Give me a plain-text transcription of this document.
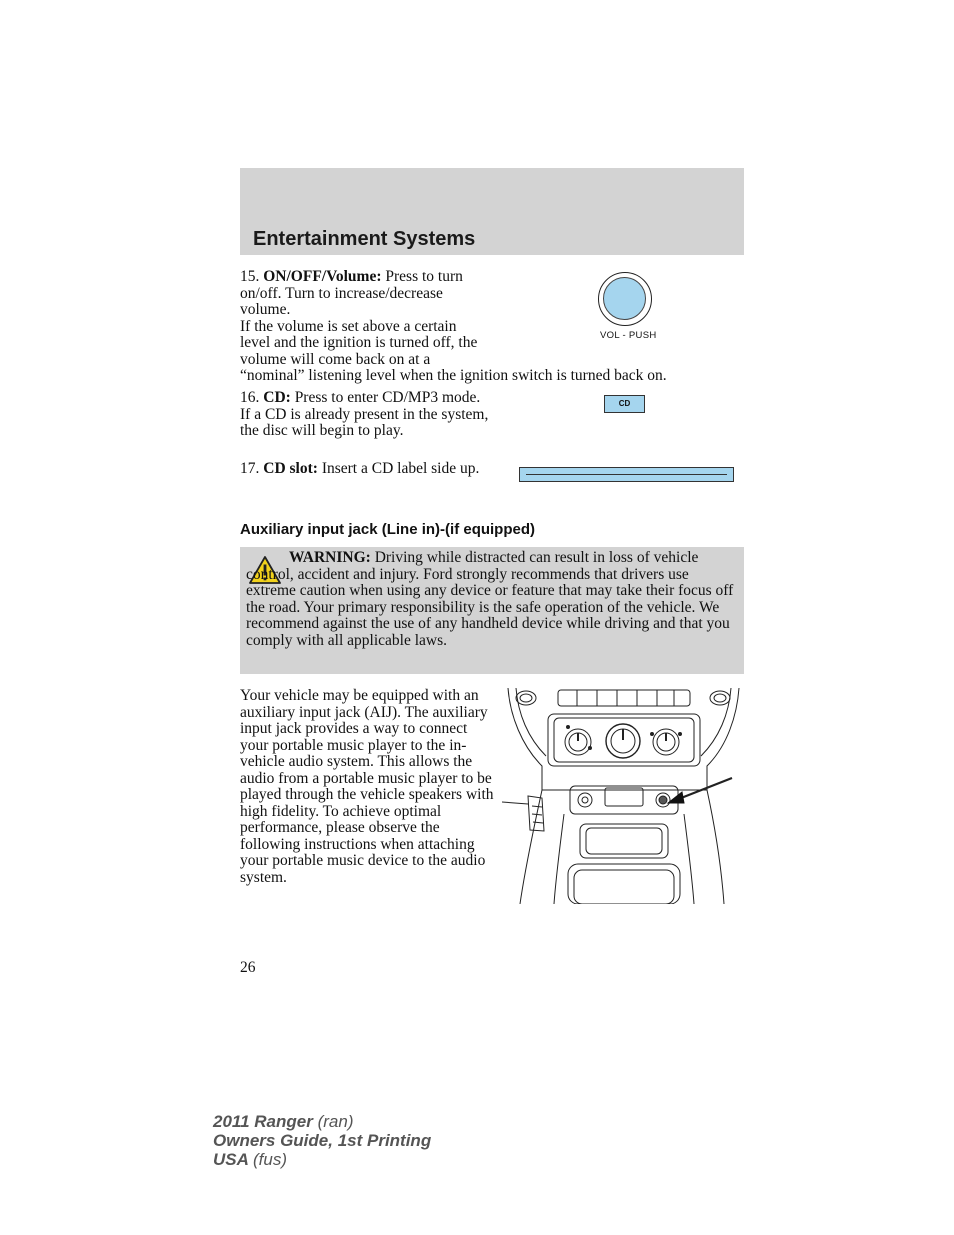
Entertainment Systems
15. ON/OFF/Volume: Press to turn on/off. Turn to increase/decrease volume.
If the volume is set above a certain level and the ignition is turned off, the volume will come back on at a
“nominal” listening level when the ignition switch is turned back on.
VOL - PUSH
16. CD: Press to enter CD/MP3 mode. If a CD is already present in the system, the disc will begin to play.
CD
17. CD slot: Insert a CD label side up.
Auxiliary input jack (Line in)-(if equipped)
WARNING: Driving while distracted can result in loss of vehicle control, accident and injury. Ford strongly recommends that drivers use extreme caution when using any device or feature that may take their focus off the road. Your primary responsibility is the safe operation of the vehicle. We recommend against the use of any handheld device while driving and that you comply with all applicable laws.
Your vehicle may be equipped with an auxiliary input jack (AIJ). The auxiliary input jack provides a way to connect your portable music player to the in-vehicle audio system. This allows the audio from a portable music player to be played through the vehicle speakers with high fidelity. To achieve optimal performance, please observe the following instructions when attaching your portable music device to the audio system.
26
2011 Ranger (ran)
Owners Guide, 1st Printing
USA (fus)
